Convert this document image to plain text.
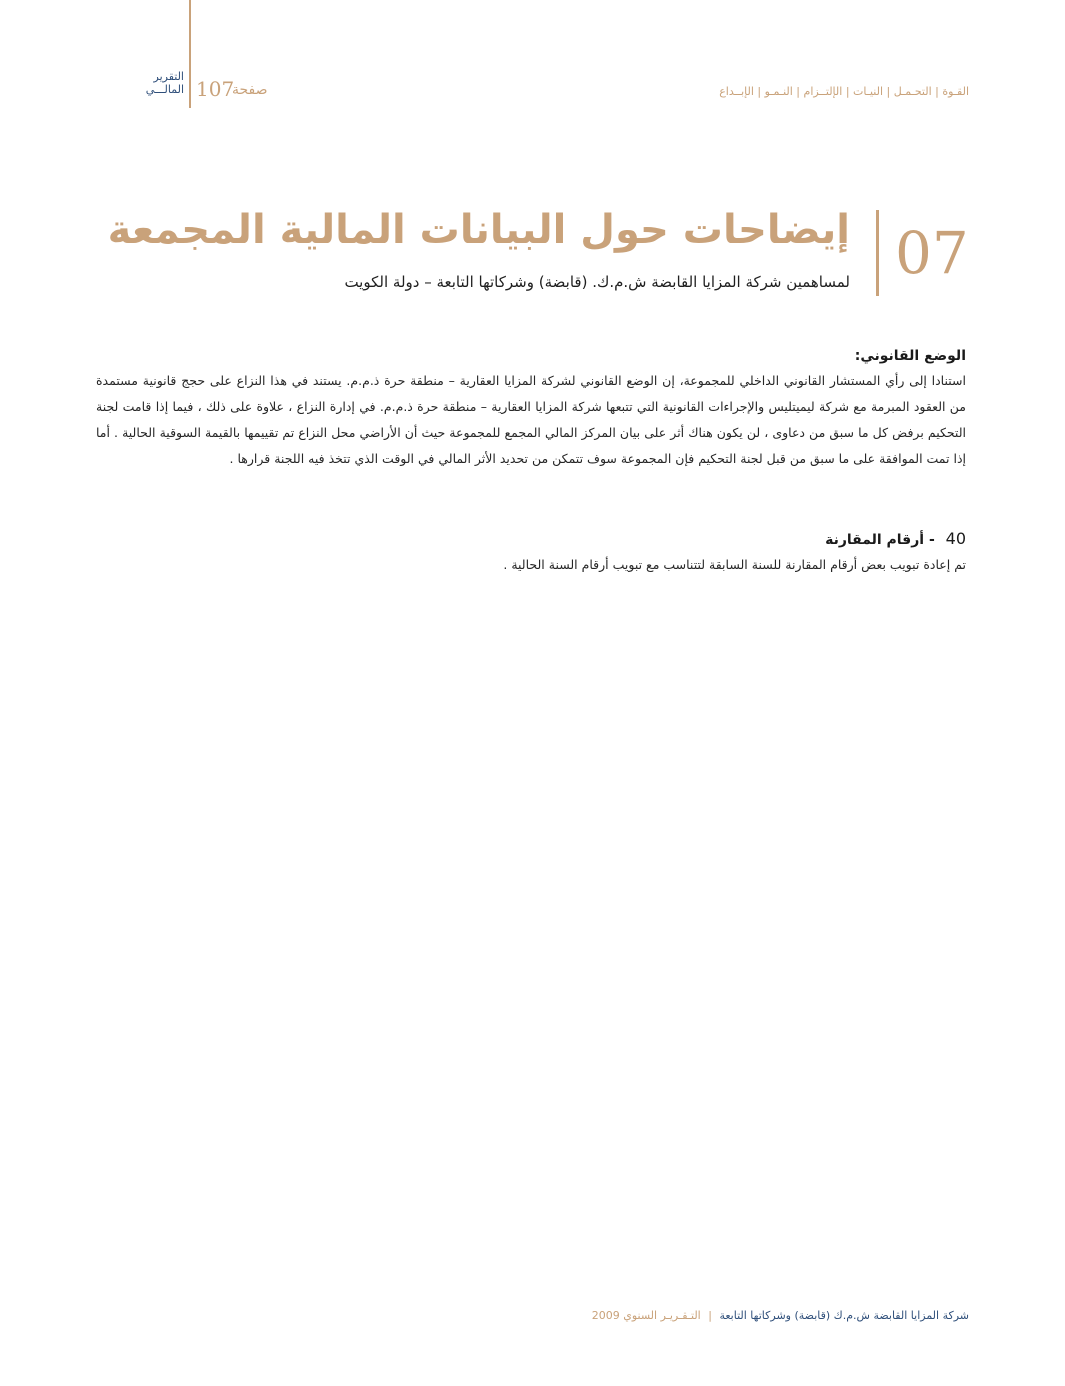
التقرير
المالـــي 107
صفحة	القـوة | التحـمـل | النيـات | الإلتــزام | النـمـو | الإبــداع
07
إيضاحات حول البيانات المالية المجمعة
لمساهمين شركة المزايا القابضة ش.م.ك. (قابضة) وشركاتها التابعة – دولة الكويت
الوضع القانوني:

استنادا إلى رأي المستشار القانوني الداخلي للمجموعة، إن الوضع القانوني لشركة المزايا العقارية – منطقة حرة ذ.م.م. يستند في هذا النزاع على حجج قانونية مستمدة من العقود المبرمة مع شركة ليميتليس والإجراءات القانونية التي تتبعها شركة المزايا العقارية – منطقة حرة ذ.م.م. في إدارة النزاع ، علاوة على ذلك ، فيما إذا قامت لجنة التحكيم برفض كل ما سبق من دعاوى ، لن يكون هناك أثر على بيان المركز المالي المجمع للمجموعة حيث أن الأراضي محل النزاع تم تقييمها بالقيمة السوقية الحالية . أما إذا تمت الموافقة على ما سبق من قبل لجنة التحكيم فإن المجموعة سوف تتمكن من تحديد الأثر المالي في الوقت الذي تتخذ فيه اللجنة قرارها .

40 - أرقام المقارنة

تم إعادة تبويب بعض أرقام المقارنة للسنة السابقة لتتناسب مع تبويب أرقام السنة الحالية .

شركة المزايا القابضة ش.م.ك (قابضة) وشركاتها التابعة | التـقـريـر السنوي 2009
